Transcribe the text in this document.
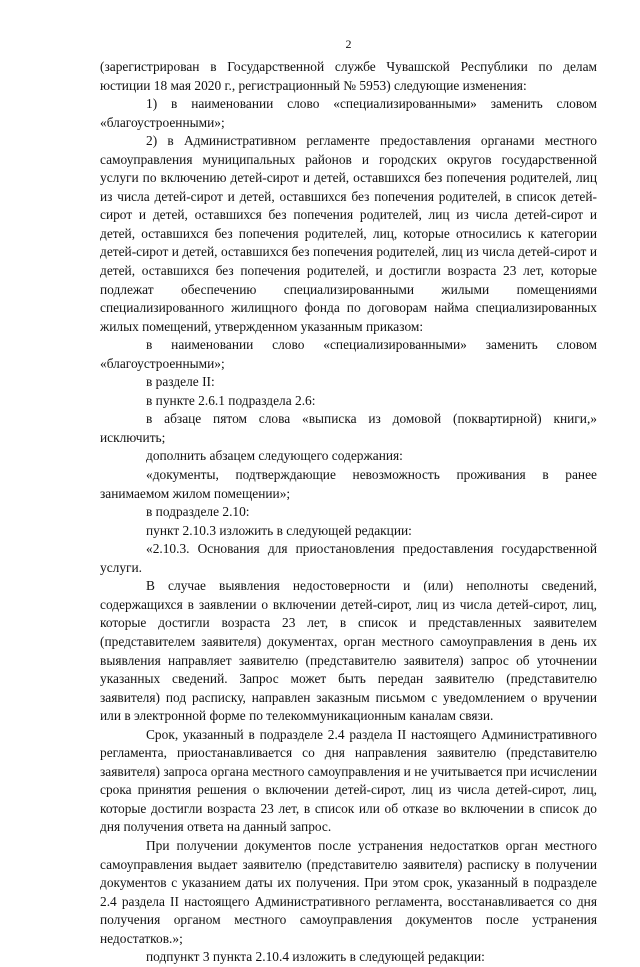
2

(зарегистрирован в Государственной службе Чувашской Республики по делам юстиции 18 мая 2020 г., регистрационный № 5953) следующие изменения:

1) в наименовании слово «специализированными» заменить словом «благоустроенными»;

2) в Административном регламенте предоставления органами местного самоуправления муниципальных районов и городских округов государственной услуги по включению детей-сирот и детей, оставшихся без попечения родителей, лиц из числа детей-сирот и детей, оставшихся без попечения родителей, в список детей-сирот и детей, оставшихся без попечения родителей, лиц из числа детей-сирот и детей, оставшихся без попечения родителей, лиц, которые относились к категории детей-сирот и детей, оставшихся без попечения родителей, лиц из числа детей-сирот и детей, оставшихся без попечения родителей, и достигли возраста 23 лет, которые подлежат обеспечению специализированными жилыми помещениями специализированного жилищного фонда по договорам найма специализированных жилых помещений, утвержденном указанным приказом:

в наименовании слово «специализированными» заменить словом «благоустроенными»;

в разделе II:

в пункте 2.6.1 подраздела 2.6:

в абзаце пятом слова «выписка из домовой (поквартирной) книги,» исключить;

дополнить абзацем следующего содержания:

«документы, подтверждающие невозможность проживания в ранее занимаемом жилом помещении»;

в подразделе 2.10:

пункт 2.10.3 изложить в следующей редакции:

«2.10.3. Основания для приостановления предоставления государственной услуги.

В случае выявления недостоверности и (или) неполноты сведений, содержащихся в заявлении о включении детей-сирот, лиц из числа детей-сирот, лиц, которые достигли возраста 23 лет, в список и представленных заявителем (представителем заявителя) документах, орган местного самоуправления в день их выявления направляет заявителю (представителю заявителя) запрос об уточнении указанных сведений. Запрос может быть передан заявителю (представителю заявителя) под расписку, направлен заказным письмом с уведомлением о вручении или в электронной форме по телекоммуникационным каналам связи.

Срок, указанный в подразделе 2.4 раздела II настоящего Административного регламента, приостанавливается со дня направления заявителю (представителю заявителя) запроса органа местного самоуправления и не учитывается при исчислении срока принятия решения о включении детей-сирот, лиц из числа детей-сирот, лиц, которые достигли возраста 23 лет, в список или об отказе во включении в список до дня получения ответа на данный запрос.

При получении документов после устранения недостатков орган местного самоуправления выдает заявителю (представителю заявителя) расписку в получении документов с указанием даты их получения. При этом срок, указанный в подразделе 2.4 раздела II настоящего Административного регламента, восстанавливается со дня получения органом местного самоуправления документов после устранения недостатков.»;

подпункт 3 пункта 2.10.4 изложить в следующей редакции:
